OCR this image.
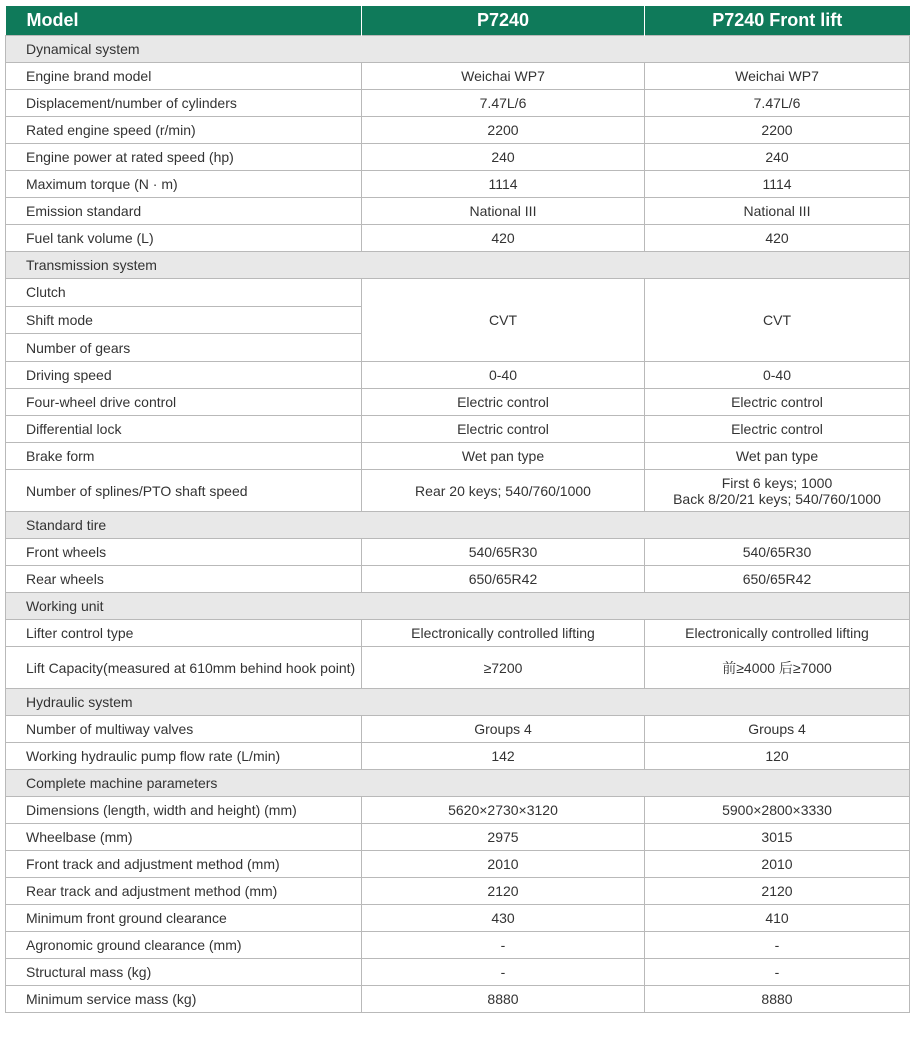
Model	P7240	P7240 Front lift
Dynamical system		
Engine brand model	Weichai WP7	Weichai WP7
Displacement/number of cylinders	7.47L/6	7.47L/6
Rated engine speed (r/min)	2200	2200
Engine power at rated speed (hp)	240	240
Maximum torque (N · m)	1114	1114
Emission standard	National III	National III
Fuel tank volume (L)	420	420
Transmission system		
Clutch	CVT	CVT
Shift mode		
Number of gears		
Driving speed	0-40	0-40
Four-wheel drive control	Electric control	Electric control
Differential lock	Electric control	Electric control
Brake form	Wet pan type	Wet pan type
Number of splines/PTO shaft speed	Rear 20 keys; 540/760/1000	First 6 keys; 1000
Back 8/20/21 keys; 540/760/1000
Standard tire		
Front wheels	540/65R30	540/65R30
Rear wheels	650/65R42	650/65R42
Working unit		
Lifter control type	Electronically controlled lifting	Electronically controlled lifting
Lift Capacity(measured at 610mm behind hook point)	≥7200	前≥4000 后≥7000
Hydraulic system		
Number of multiway valves	Groups 4	Groups 4
Working hydraulic pump flow rate (L/min)	142	120
Complete machine parameters		
Dimensions (length, width and height) (mm)	5620×2730×3120	5900×2800×3330
Wheelbase (mm)	2975	3015
Front track and adjustment method (mm)	2010	2010
Rear track and adjustment method (mm)	2120	2120
Minimum front ground clearance	430	410
Agronomic ground clearance (mm)	-	-
Structural mass (kg)	-	-
Minimum service mass (kg)	8880	8880
